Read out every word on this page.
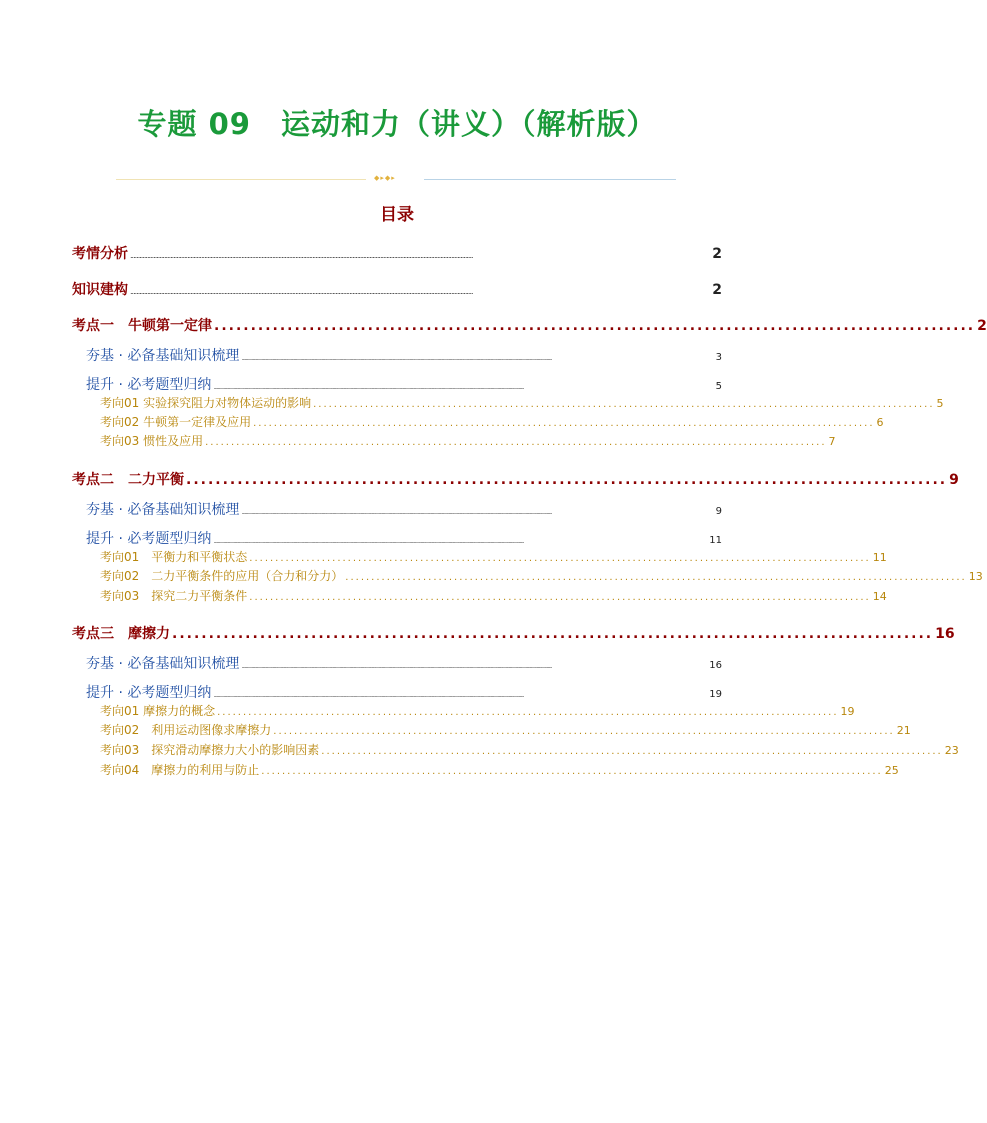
专题 09　运动和力（讲义）（解析版）
◆▸◆▸
目录
考情分析 ..............................................................................................................................................................................................................................	2
知识建构 ..............................................................................................................................................................................................................................	2
考点一　牛顿第一定律 ........................................................................................................ 2
夯基 · 必备基础知识梳理 ......................................................................................................................................................................................................................................................................................................................................................	3
提升 · 必考题型归纳 ......................................................................................................................................................................................................................................................................................................................................................	5
考向01 实验探究阻力对物体运动的影响 ........................................................................................................................ 5
考向02 牛顿第一定律及应用 ........................................................................................................................ 6
考向03 惯性及应用 ........................................................................................................................ 7
考点二　二力平衡 ........................................................................................................ 9
夯基 · 必备基础知识梳理 ......................................................................................................................................................................................................................................................................................................................................................	9
提升 · 必考题型归纳 ......................................................................................................................................................................................................................................................................................................................................................	11
考向01　平衡力和平衡状态 ........................................................................................................................ 11
考向02　二力平衡条件的应用（合力和分力） ........................................................................................................................ 13
考向03　探究二力平衡条件 ........................................................................................................................ 14
考点三　摩擦力 ........................................................................................................ 16
夯基 · 必备基础知识梳理 ......................................................................................................................................................................................................................................................................................................................................................	16
提升 · 必考题型归纳 ......................................................................................................................................................................................................................................................................................................................................................	19
考向01 摩擦力的概念 ........................................................................................................................ 19
考向02　利用运动图像求摩擦力 ........................................................................................................................ 21
考向03　探究滑动摩擦力大小的影响因素 ........................................................................................................................ 23
考向04　摩擦力的利用与防止 ........................................................................................................................ 25
